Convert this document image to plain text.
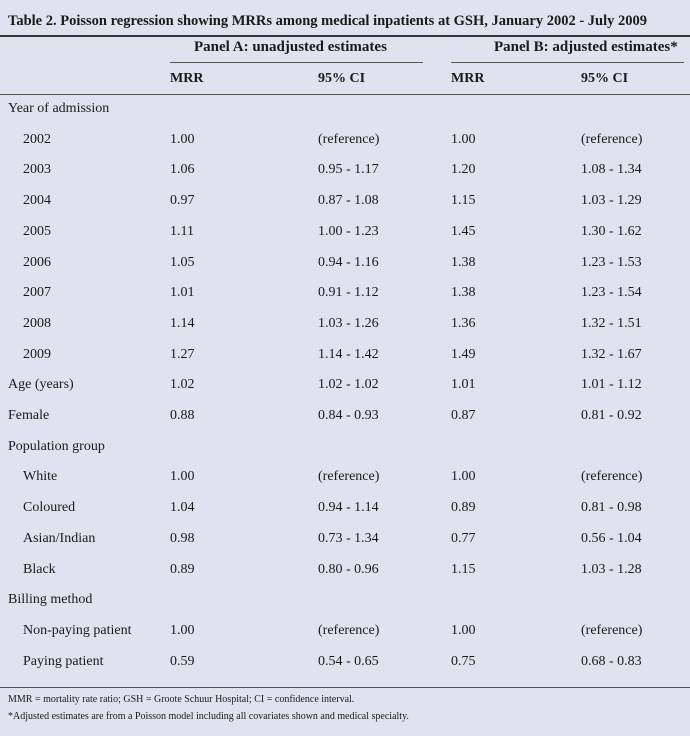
Table 2. Poisson regression showing MRRs among medical inpatients at GSH, January 2002 - July 2009
Panel A: unadjusted estimates	Panel B: adjusted estimates*
MRR	95% CI	MRR	95% CI
Year of admission
2002	1.00	(reference)	1.00	(reference)
2003	1.06	0.95 - 1.17	1.20	1.08 - 1.34
2004	0.97	0.87 - 1.08	1.15	1.03 - 1.29
2005	1.11	1.00 - 1.23	1.45	1.30 - 1.62
2006	1.05	0.94 - 1.16	1.38	1.23 - 1.53
2007	1.01	0.91 - 1.12	1.38	1.23 - 1.54
2008	1.14	1.03 - 1.26	1.36	1.32 - 1.51
2009	1.27	1.14 - 1.42	1.49	1.32 - 1.67
Age (years)	1.02	1.02 - 1.02	1.01	1.01 - 1.12
Female	0.88	0.84 - 0.93	0.87	0.81 - 0.92
Population group
White	1.00	(reference)	1.00	(reference)
Coloured	1.04	0.94 - 1.14	0.89	0.81 - 0.98
Asian/Indian	0.98	0.73 - 1.34	0.77	0.56 - 1.04
Black	0.89	0.80 - 0.96	1.15	1.03 - 1.28
Billing method
Non-paying patient	1.00	(reference)	1.00	(reference)
Paying patient	0.59	0.54 - 0.65	0.75	0.68 - 0.83
MMR = mortality rate ratio; GSH = Groote Schuur Hospital; CI = confidence interval.
*Adjusted estimates are from a Poisson model including all covariates shown and medical specialty.
